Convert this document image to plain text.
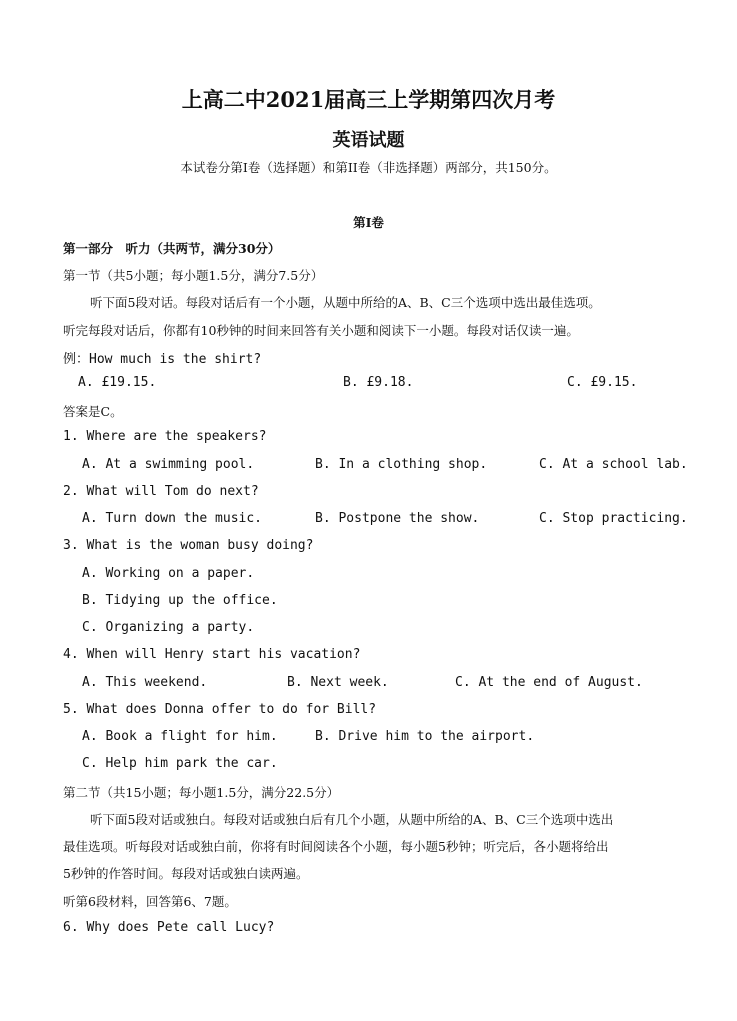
上高二中2021届高三上学期第四次月考
英语试题
本试卷分第I卷（选择题）和第II卷（非选择题）两部分，共150分。
第I卷
第一部分　听力（共两节，满分30分）
第一节（共5小题；每小题1.5分，满分7.5分）
听下面5段对话。每段对话后有一个小题，从题中所给的A、B、C三个选项中选出最佳选项。
听完每段对话后，你都有10秒钟的时间来回答有关小题和阅读下一小题。每段对话仅读一遍。
例：How much is the shirt?
A. £19.15.	B. £9.18.	C. £9.15.
答案是C。
1. Where are the speakers?
A. At a swimming pool.	B. In a clothing shop.	C. At a school lab.
2. What will Tom do next?
A. Turn down the music.	B. Postpone the show.	C. Stop practicing.
3. What is the woman busy doing?
A. Working on a paper.
B. Tidying up the office.
C. Organizing a party.
4. When will Henry start his vacation?
A. This weekend.	B. Next week.	C. At the end of August.
5. What does Donna offer to do for Bill?
A. Book a flight for him.	B. Drive him to the airport.
C. Help him park the car.
第二节（共15小题；每小题1.5分，满分22.5分）
听下面5段对话或独白。每段对话或独白后有几个小题，从题中所给的A、B、C三个选项中选出
最佳选项。听每段对话或独白前，你将有时间阅读各个小题，每小题5秒钟；听完后，各小题将给出
5秒钟的作答时间。每段对话或独白读两遍。
听第6段材料，回答第6、7题。
6. Why does Pete call Lucy?
